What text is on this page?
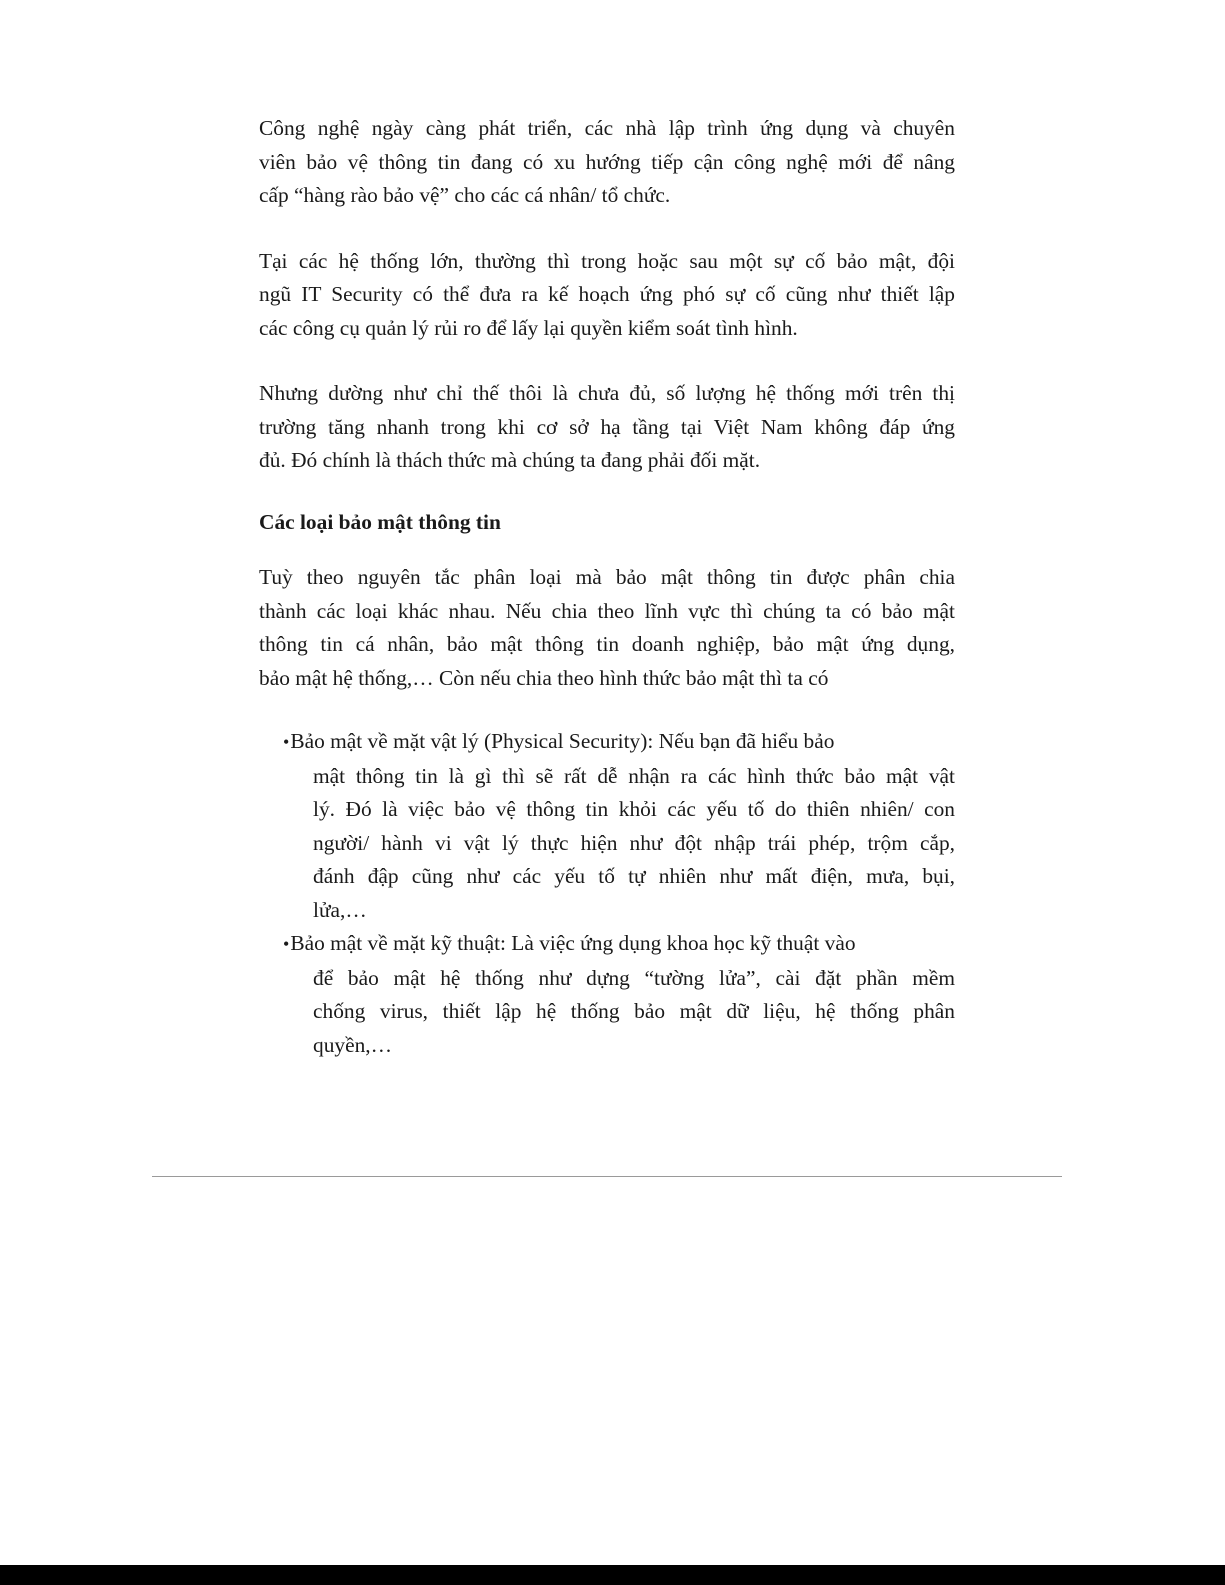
Công nghệ ngày càng phát triển, các nhà lập trình ứng dụng và chuyên
viên bảo vệ thông tin đang có xu hướng tiếp cận công nghệ mới để nâng
cấp “hàng rào bảo vệ” cho các cá nhân/ tổ chức.

Tại các hệ thống lớn, thường thì trong hoặc sau một sự cố bảo mật, đội
ngũ IT Security có thể đưa ra kế hoạch ứng phó sự cố cũng như thiết lập
các công cụ quản lý rủi ro để lấy lại quyền kiểm soát tình hình.

Nhưng dường như chỉ thế thôi là chưa đủ, số lượng hệ thống mới trên thị
trường tăng nhanh trong khi cơ sở hạ tầng tại Việt Nam không đáp ứng
đủ. Đó chính là thách thức mà chúng ta đang phải đối mặt.

Các loại bảo mật thông tin

Tuỳ theo nguyên tắc phân loại mà bảo mật thông tin được phân chia
thành các loại khác nhau. Nếu chia theo lĩnh vực thì chúng ta có bảo mật
thông tin cá nhân, bảo mật thông tin doanh nghiệp, bảo mật ứng dụng,
bảo mật hệ thống,… Còn nếu chia theo hình thức bảo mật thì ta có

•Bảo mật về mặt vật lý (Physical Security): Nếu bạn đã hiểu bảo
mật thông tin là gì thì sẽ rất dễ nhận ra các hình thức bảo mật vật
lý. Đó là việc bảo vệ thông tin khỏi các yếu tố do thiên nhiên/ con
người/ hành vi vật lý thực hiện như đột nhập trái phép, trộm cắp,
đánh đập cũng như các yếu tố tự nhiên như mất điện, mưa, bụi,
lửa,…
•Bảo mật về mặt kỹ thuật: Là việc ứng dụng khoa học kỹ thuật vào
để bảo mật hệ thống như dựng “tường lửa”, cài đặt phần mềm
chống virus, thiết lập hệ thống bảo mật dữ liệu, hệ thống phân
quyền,…
